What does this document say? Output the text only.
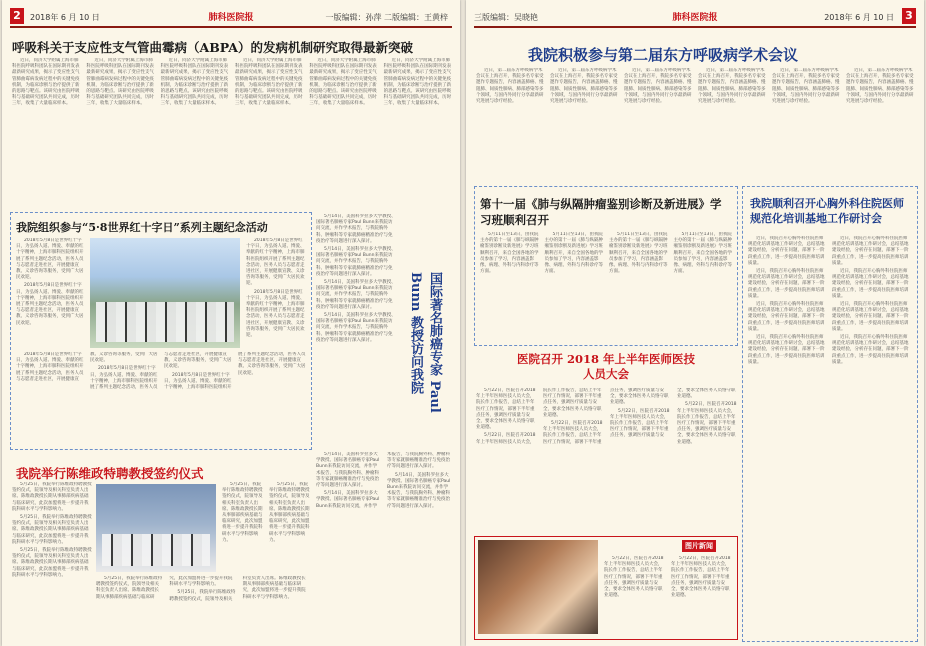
2	2018年 6 月 10 日	肺科医院报	一版编辑：孙萍 二版编辑：王黄梓
呼吸科关于支应性支气管曲霉病（ABPA）的发病机制研究取得最新突破

近日，同济大学附属上海市肺科医院呼吸科团队在国际期刊发表最新研究成果，揭示了变应性支气管肺曲霉病发病过程中的关键免疫机制，为临床诊断与治疗提供了新的思路与靶点。该研究由医院呼吸科与基础研究团队共同完成，历时三年，收集了大量临床样本。

近日，同济大学附属上海市肺科医院呼吸科团队在国际期刊发表最新研究成果，揭示了变应性支气管肺曲霉病发病过程中的关键免疫机制，为临床诊断与治疗提供了新的思路与靶点。该研究由医院呼吸科与基础研究团队共同完成，历时三年，收集了大量临床样本。

近日，同济大学附属上海市肺科医院呼吸科团队在国际期刊发表最新研究成果，揭示了变应性支气管肺曲霉病发病过程中的关键免疫机制，为临床诊断与治疗提供了新的思路与靶点。该研究由医院呼吸科与基础研究团队共同完成，历时三年，收集了大量临床样本。

近日，同济大学附属上海市肺科医院呼吸科团队在国际期刊发表最新研究成果，揭示了变应性支气管肺曲霉病发病过程中的关键免疫机制，为临床诊断与治疗提供了新的思路与靶点。该研究由医院呼吸科与基础研究团队共同完成，历时三年，收集了大量临床样本。

近日，同济大学附属上海市肺科医院呼吸科团队在国际期刊发表最新研究成果，揭示了变应性支气管肺曲霉病发病过程中的关键免疫机制，为临床诊断与治疗提供了新的思路与靶点。该研究由医院呼吸科与基础研究团队共同完成，历时三年，收集了大量临床样本。

近日，同济大学附属上海市肺科医院呼吸科团队在国际期刊发表最新研究成果，揭示了变应性支气管肺曲霉病发病过程中的关键免疫机制，为临床诊断与治疗提供了新的思路与靶点。该研究由医院呼吸科与基础研究团队共同完成，历时三年，收集了大量临床样本。

我院组织参与“5·8世界红十字日”系列主题纪念活动

2018年5月8日是世界红十字日，为弘扬人道、博爱、奉献的红十字精神，上海市肺科医院组织开展了系列主题纪念活动，医务人员与志愿者走进社区，开展健康宣教、义诊咨询等服务，受到广大居民欢迎。

2018年5月8日是世界红十字日，为弘扬人道、博爱、奉献的红十字精神，上海市肺科医院组织开展了系列主题纪念活动，医务人员与志愿者走进社区，开展健康宣教、义诊咨询等服务，受到广大居民欢迎。

2018年5月8日是世界红十字日，为弘扬人道、博爱、奉献的红十字精神，上海市肺科医院组织开展了系列主题纪念活动，医务人员与志愿者走进社区，开展健康宣教、义诊咨询等服务，受到广大居民欢迎。

2018年5月8日是世界红十字日，为弘扬人道、博爱、奉献的红十字精神，上海市肺科医院组织开展了系列主题纪念活动，医务人员与志愿者走进社区，开展健康宣教、义诊咨询等服务，受到广大居民欢迎。

2018年5月8日是世界红十字日，为弘扬人道、博爱、奉献的红十字精神，上海市肺科医院组织开展了系列主题纪念活动，医务人员与志愿者走进社区，开展健康宣教、义诊咨询等服务，受到广大居民欢迎。

2018年5月8日是世界红十字日，为弘扬人道、博爱、奉献的红十字精神，上海市肺科医院组织开展了系列主题纪念活动，医务人员与志愿者走进社区，开展健康宣教、义诊咨询等服务，受到广大居民欢迎。

2018年5月8日是世界红十字日，为弘扬人道、博爱、奉献的红十字精神，上海市肺科医院组织开展了系列主题纪念活动，医务人员与志愿者走进社区，开展健康宣教、义诊咨询等服务，受到广大居民欢迎。

5月14日，美国科罗拉多大学教授、国际著名肺癌专家Paul Bunn来我院访问交流，并作学术报告，与我院胸外科、肿瘤科等专家就肺癌精准治疗与免疫治疗等问题进行深入探讨。

5月14日，美国科罗拉多大学教授、国际著名肺癌专家Paul Bunn来我院访问交流，并作学术报告，与我院胸外科、肿瘤科等专家就肺癌精准治疗与免疫治疗等问题进行深入探讨。

5月14日，美国科罗拉多大学教授、国际著名肺癌专家Paul Bunn来我院访问交流，并作学术报告，与我院胸外科、肿瘤科等专家就肺癌精准治疗与免疫治疗等问题进行深入探讨。

5月14日，美国科罗拉多大学教授、国际著名肺癌专家Paul Bunn来我院访问交流，并作学术报告，与我院胸外科、肿瘤科等专家就肺癌精准治疗与免疫治疗等问题进行深入探讨。	国际著名肺癌专家 Paul Bunn 教授访问我院

5月14日，美国科罗拉多大学教授、国际著名肺癌专家Paul Bunn来我院访问交流，并作学术报告，与我院胸外科、肿瘤科等专家就肺癌精准治疗与免疫治疗等问题进行深入探讨。

5月14日，美国科罗拉多大学教授、国际著名肺癌专家Paul Bunn来我院访问交流，并作学术报告，与我院胸外科、肿瘤科等专家就肺癌精准治疗与免疫治疗等问题进行深入探讨。

5月14日，美国科罗拉多大学教授、国际著名肺癌专家Paul Bunn来我院访问交流，并作学术报告，与我院胸外科、肿瘤科等专家就肺癌精准治疗与免疫治疗等问题进行深入探讨。

我院举行陈维政特聘教授签约仪式

5月25日，我院举行陈维政特聘教授签约仪式，院领导及相关科室负责人出席。陈维政教授长期从事肺部疾病基础与临床研究，此次加盟将进一步提升我院科研水平与学科影响力。

5月25日，我院举行陈维政特聘教授签约仪式，院领导及相关科室负责人出席。陈维政教授长期从事肺部疾病基础与临床研究，此次加盟将进一步提升我院科研水平与学科影响力。

5月25日，我院举行陈维政特聘教授签约仪式，院领导及相关科室负责人出席。陈维政教授长期从事肺部疾病基础与临床研究，此次加盟将进一步提升我院科研水平与学科影响力。

5月25日，我院举行陈维政特聘教授签约仪式，院领导及相关科室负责人出席。陈维政教授长期从事肺部疾病基础与临床研究，此次加盟将进一步提升我院科研水平与学科影响力。

5月25日，我院举行陈维政特聘教授签约仪式，院领导及相关科室负责人出席。陈维政教授长期从事肺部疾病基础与临床研究，此次加盟将进一步提升我院科研水平与学科影响力。

5月25日，我院举行陈维政特聘教授签约仪式，院领导及相关科室负责人出席。陈维政教授长期从事肺部疾病基础与临床研究，此次加盟将进一步提升我院科研水平与学科影响力。

5月25日，我院举行陈维政特聘教授签约仪式，院领导及相关科室负责人出席。陈维政教授长期从事肺部疾病基础与临床研究，此次加盟将进一步提升我院科研水平与学科影响力。

三版编辑：吴晓艳	肺科医院报	2018年 6 月 10 日 3
我院积极参与第二届东方呼吸病学术会议

近日，第二届东方呼吸病学术会议在上海召开，我院多名专家受邀作专题报告，内容涵盖肺癌、慢阻肺、间质性肺病、肺部感染等多个领域，与国内外同行分享最新研究进展与诊疗经验。

近日，第二届东方呼吸病学术会议在上海召开，我院多名专家受邀作专题报告，内容涵盖肺癌、慢阻肺、间质性肺病、肺部感染等多个领域，与国内外同行分享最新研究进展与诊疗经验。

近日，第二届东方呼吸病学术会议在上海召开，我院多名专家受邀作专题报告，内容涵盖肺癌、慢阻肺、间质性肺病、肺部感染等多个领域，与国内外同行分享最新研究进展与诊疗经验。

近日，第二届东方呼吸病学术会议在上海召开，我院多名专家受邀作专题报告，内容涵盖肺癌、慢阻肺、间质性肺病、肺部感染等多个领域，与国内外同行分享最新研究进展与诊疗经验。

近日，第二届东方呼吸病学术会议在上海召开，我院多名专家受邀作专题报告，内容涵盖肺癌、慢阻肺、间质性肺病、肺部感染等多个领域，与国内外同行分享最新研究进展与诊疗经验。

近日，第二届东方呼吸病学术会议在上海召开，我院多名专家受邀作专题报告，内容涵盖肺癌、慢阻肺、间质性肺病、肺部感染等多个领域，与国内外同行分享最新研究进展与诊疗经验。

第十一届《肺与纵隔肿瘤鉴别诊断及新进展》学习班顺利召开

5月11日至13日，由我院主办的第十一届《肺与纵隔肿瘤鉴别诊断及新进展》学习班顺利召开，来自全国各地的学员参加了学习，内容涵盖影像、病理、外科与内科诊疗等方面。

5月11日至13日，由我院主办的第十一届《肺与纵隔肿瘤鉴别诊断及新进展》学习班顺利召开，来自全国各地的学员参加了学习，内容涵盖影像、病理、外科与内科诊疗等方面。

5月11日至13日，由我院主办的第十一届《肺与纵隔肿瘤鉴别诊断及新进展》学习班顺利召开，来自全国各地的学员参加了学习，内容涵盖影像、病理、外科与内科诊疗等方面。

5月11日至13日，由我院主办的第十一届《肺与纵隔肿瘤鉴别诊断及新进展》学习班顺利召开，来自全国各地的学员参加了学习，内容涵盖影像、病理、外科与内科诊疗等方面。

我院顺利召开心胸外科住院医师规范化培训基地工作研讨会

近日，我院召开心胸外科住院医师规范化培训基地工作研讨会，总结基地建设经验，分析存在问题，部署下一阶段重点工作，进一步提高住院医师培训质量。

近日，我院召开心胸外科住院医师规范化培训基地工作研讨会，总结基地建设经验，分析存在问题，部署下一阶段重点工作，进一步提高住院医师培训质量。

近日，我院召开心胸外科住院医师规范化培训基地工作研讨会，总结基地建设经验，分析存在问题，部署下一阶段重点工作，进一步提高住院医师培训质量。

近日，我院召开心胸外科住院医师规范化培训基地工作研讨会，总结基地建设经验，分析存在问题，部署下一阶段重点工作，进一步提高住院医师培训质量。

近日，我院召开心胸外科住院医师规范化培训基地工作研讨会，总结基地建设经验，分析存在问题，部署下一阶段重点工作，进一步提高住院医师培训质量。

近日，我院召开心胸外科住院医师规范化培训基地工作研讨会，总结基地建设经验，分析存在问题，部署下一阶段重点工作，进一步提高住院医师培训质量。

近日，我院召开心胸外科住院医师规范化培训基地工作研讨会，总结基地建设经验，分析存在问题，部署下一阶段重点工作，进一步提高住院医师培训质量。

近日，我院召开心胸外科住院医师规范化培训基地工作研讨会，总结基地建设经验，分析存在问题，部署下一阶段重点工作，进一步提高住院医师培训质量。

医院召开 2018 年上半年医师医技人员大会

5月22日，医院召开2018年上半年医师医技人员大会，院长作工作报告，总结上半年医疗工作情况，部署下半年重点任务，强调医疗质量与安全，要求全体医务人员恪守职业道德。

5月22日，医院召开2018年上半年医师医技人员大会，院长作工作报告，总结上半年医疗工作情况，部署下半年重点任务，强调医疗质量与安全，要求全体医务人员恪守职业道德。

5月22日，医院召开2018年上半年医师医技人员大会，院长作工作报告，总结上半年医疗工作情况，部署下半年重点任务，强调医疗质量与安全，要求全体医务人员恪守职业道德。

5月22日，医院召开2018年上半年医师医技人员大会，院长作工作报告，总结上半年医疗工作情况，部署下半年重点任务，强调医疗质量与安全，要求全体医务人员恪守职业道德。

5月22日，医院召开2018年上半年医师医技人员大会，院长作工作报告，总结上半年医疗工作情况，部署下半年重点任务，强调医疗质量与安全，要求全体医务人员恪守职业道德。

图片新闻

5月22日，医院召开2018年上半年医师医技人员大会，院长作工作报告，总结上半年医疗工作情况，部署下半年重点任务，强调医疗质量与安全，要求全体医务人员恪守职业道德。

5月22日，医院召开2018年上半年医师医技人员大会，院长作工作报告，总结上半年医疗工作情况，部署下半年重点任务，强调医疗质量与安全，要求全体医务人员恪守职业道德。
